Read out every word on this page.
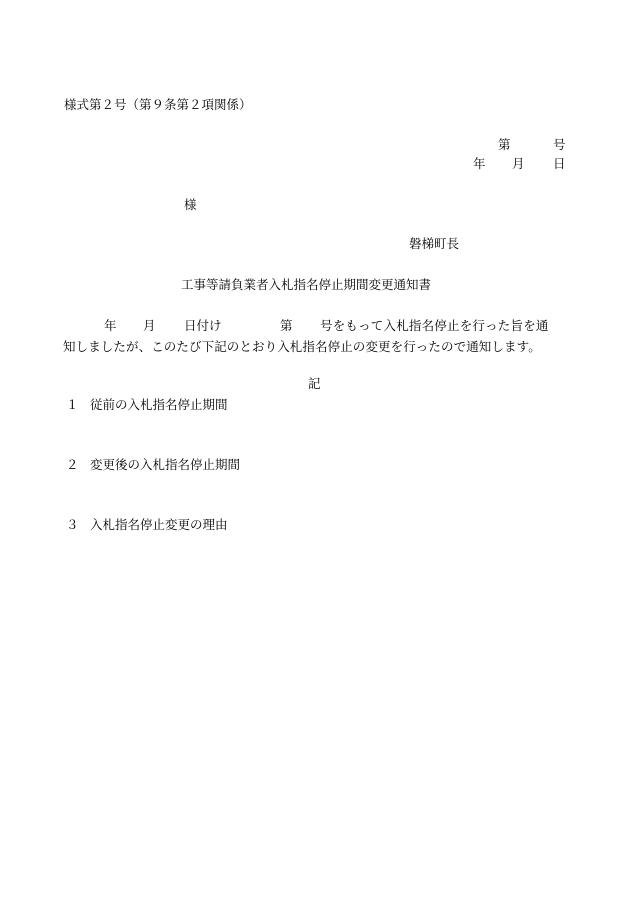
様式第２号（第９条第２項関係）

第	号
年 月 日
様
磐梯町長
工事等請負業者入札指名停止期間変更通知書
年 月 日付け	第 号をもって入札指名停止を行った旨を通
知しましたが、このたび下記のとおり入札指名停止の変更を行ったので通知します。
記
１ 従前の入札指名停止期間
２ 変更後の入札指名停止期間
３ 入札指名停止変更の理由
